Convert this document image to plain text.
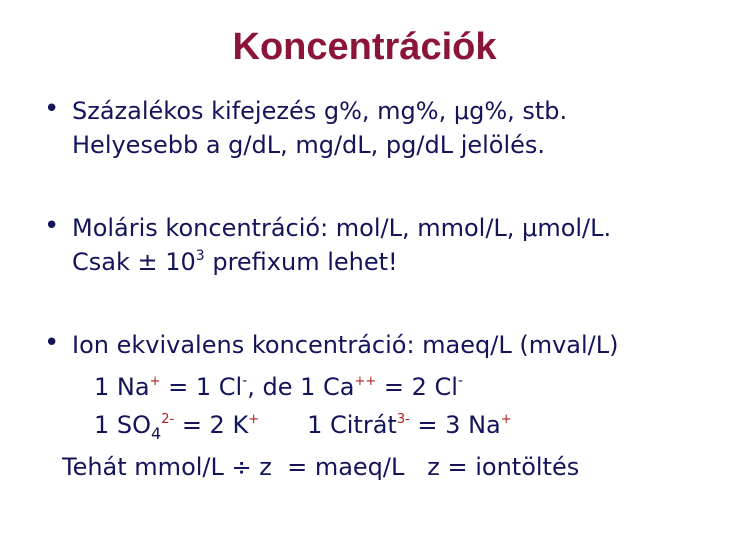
Koncentrációk
• Százalékos kifejezés g%, mg%, μg%, stb.
Helyesebb a g/dL, mg/dL, pg/dL jelölés.
• Moláris koncentráció: mol/L, mmol/L, μmol/L.
Csak ± $10^3$ prefixum lehet!
• Ion ekvivalens koncentráció: maeq/L (mval/L)
1 Na+ = 1 Cl-, de 1 Ca++ = 2 Cl-
1 $SO_4^{2-} = 2$ K+ 1 Citrát$^{3-}$ = 3 Na+
Tehát mmol/L ÷ z  = maeq/L   z = iontöltés
